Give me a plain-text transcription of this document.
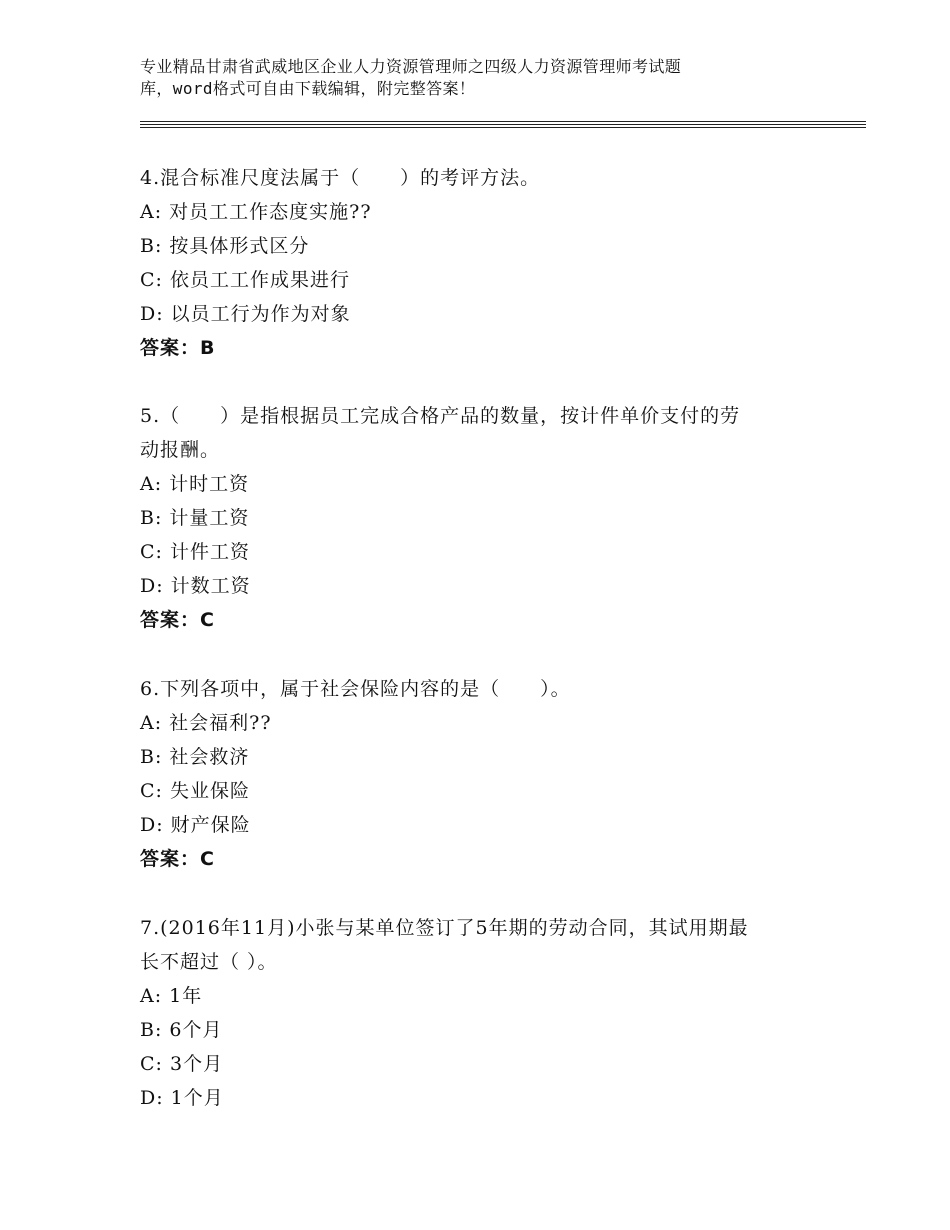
专业精品甘肃省武威地区企业人力资源管理师之四级人力资源管理师考试题
库，word格式可自由下载编辑，附完整答案！
4.混合标准尺度法属于（　　）的考评方法。
A: 对员工工作态度实施??
B: 按具体形式区分
C: 依员工工作成果进行
D: 以员工行为作为对象
答案：B
5.（　　）是指根据员工完成合格产品的数量，按计件单价支付的劳
动报酬。
A: 计时工资
B: 计量工资
C: 计件工资
D: 计数工资
答案：C
6.下列各项中，属于社会保险内容的是（　　）。
A: 社会福利??
B: 社会救济
C: 失业保险
D: 财产保险
答案：C
7.(2016年11月)小张与某单位签订了5年期的劳动合同，其试用期最
长不超过（ ）。
A: 1年
B: 6个月
C: 3个月
D: 1个月
